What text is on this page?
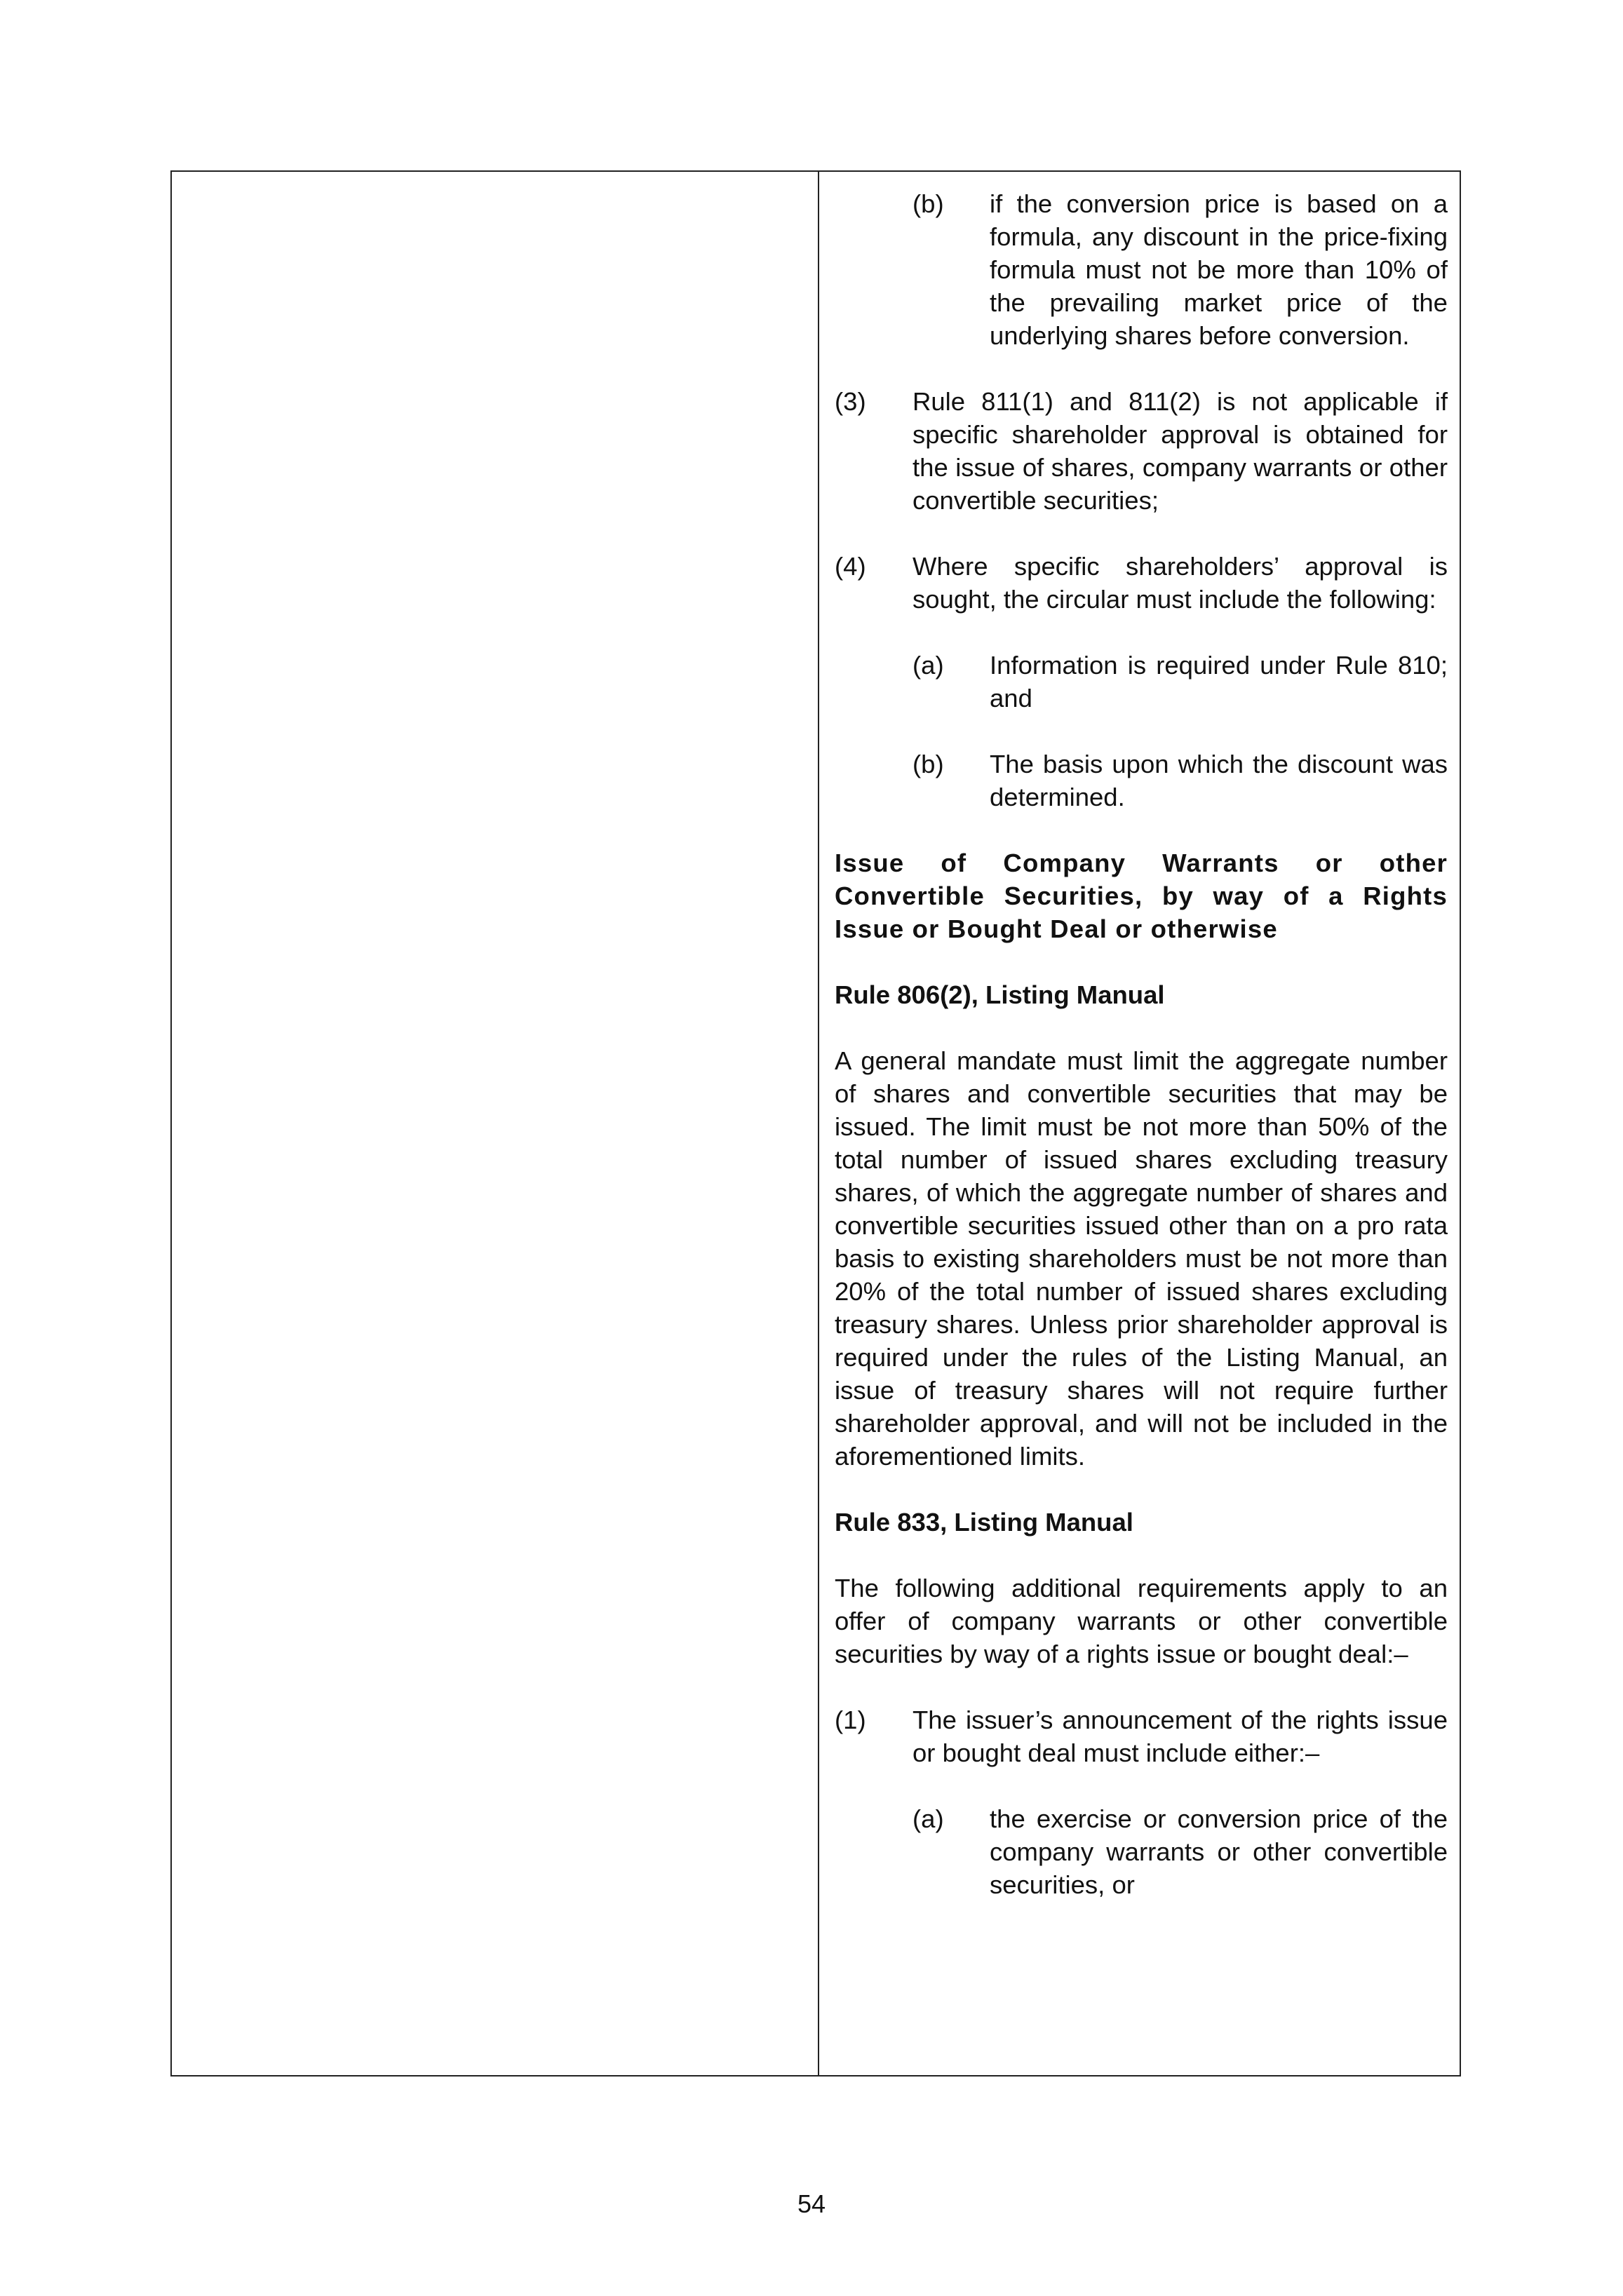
(b)	if the conversion price is based on a formula, any discount in the price-fixing formula must not be more than 10% of the prevailing market price of the underlying shares before conversion.
(3)	Rule 811(1) and 811(2) is not applicable if specific shareholder approval is obtained for the issue of shares, company warrants or other convertible securities;
(4)	Where specific shareholders’ approval is sought, the circular must include the following:
(a)	Information is required under Rule 810; and
(b)	The basis upon which the discount was determined.
Issue of Company Warrants or other Convertible Securities, by way of a Rights Issue or Bought Deal or otherwise
Rule 806(2), Listing Manual

A general mandate must limit the aggregate number of shares and convertible securities that may be issued. The limit must be not more than 50% of the total number of issued shares excluding treasury shares, of which the aggregate number of shares and convertible securities issued other than on a pro rata basis to existing shareholders must be not more than 20% of the total number of issued shares excluding treasury shares. Unless prior shareholder approval is required under the rules of the Listing Manual, an issue of treasury shares will not require further shareholder approval, and will not be included in the aforementioned limits.

Rule 833, Listing Manual

The following additional requirements apply to an offer of company warrants or other convertible securities by way of a rights issue or bought deal:–

(1)	The issuer’s announcement of the rights issue or bought deal must include either:–
(a)	the exercise or conversion price of the company warrants or other convertible securities, or
54
